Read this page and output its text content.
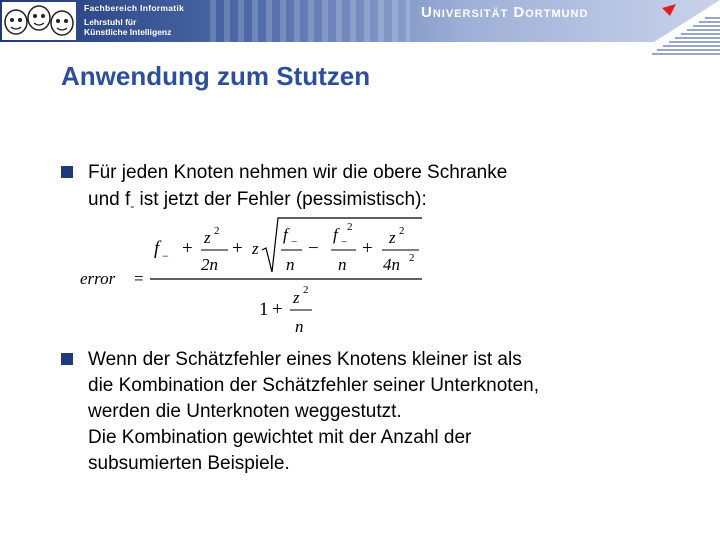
Fachbereich Informatik
Lehrstuhl für
Künstliche Intelligenz
Universität Dortmund
Anwendung zum Stutzen
Für jeden Knoten nehmen wir die obere Schranke
und $f_-$ ist jetzt der Fehler (pessimistisch):
error =
f − +
z 2
2n
+ z
f −
n
−
f −
2
n
+
z 2
4n 2
1 +
z 2
n
Wenn der Schätzfehler eines Knotens kleiner ist als
die Kombination der Schätzfehler seiner Unterknoten,
werden die Unterknoten weggestutzt.
Die Kombination gewichtet mit der Anzahl der
subsumierten Beispiele.
